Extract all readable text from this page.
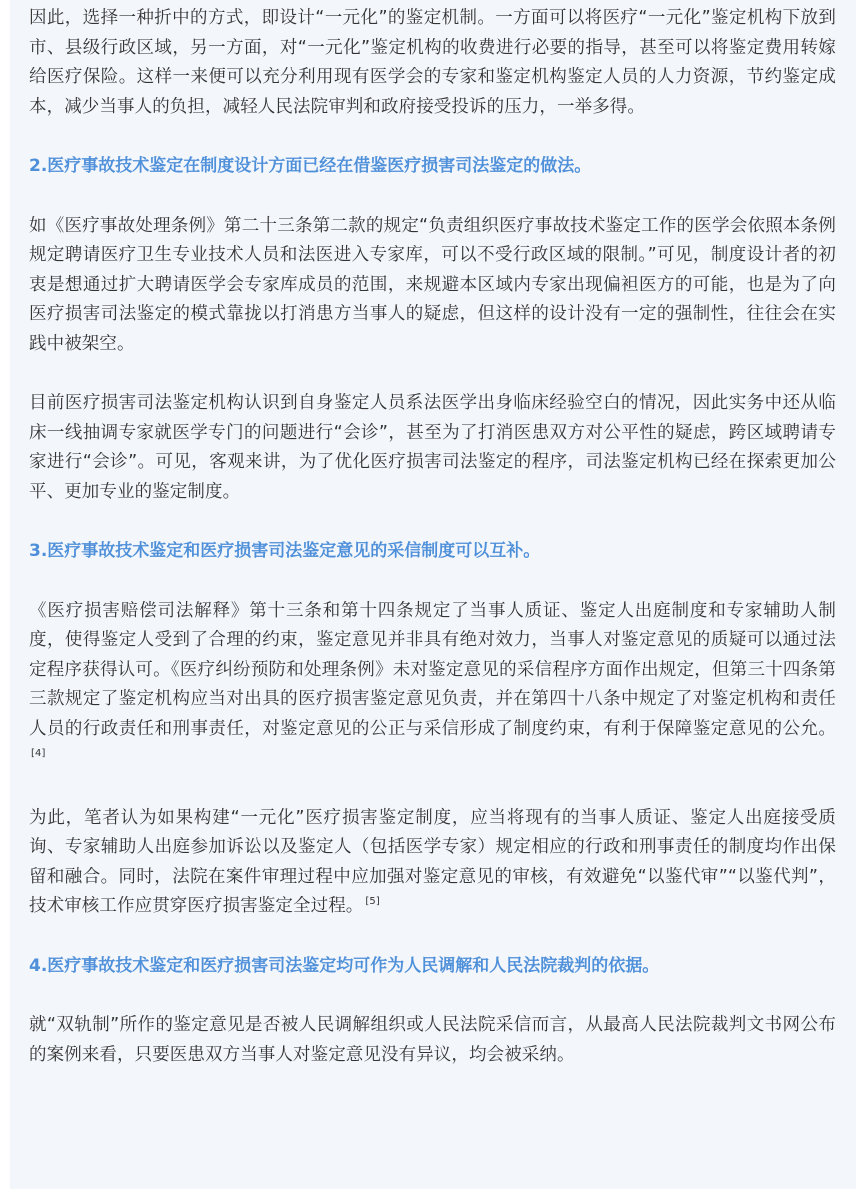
因此，选择一种折中的方式，即设计“一元化”的鉴定机制。一方面可以将医疗“一元化”鉴定机构下放到市、县级行政区域，另一方面，对“一元化”鉴定机构的收费进行必要的指导，甚至可以将鉴定费用转嫁给医疗保险。这样一来便可以充分利用现有医学会的专家和鉴定机构鉴定人员的人力资源，节约鉴定成本，减少当事人的负担，减轻人民法院审判和政府接受投诉的压力，一举多得。

2.医疗事故技术鉴定在制度设计方面已经在借鉴医疗损害司法鉴定的做法。

如《医疗事故处理条例》第二十三条第二款的规定“负责组织医疗事故技术鉴定工作的医学会依照本条例规定聘请医疗卫生专业技术人员和法医进入专家库，可以不受行政区域的限制。”可见，制度设计者的初衷是想通过扩大聘请医学会专家库成员的范围，来规避本区域内专家出现偏袒医方的可能，也是为了向医疗损害司法鉴定的模式靠拢以打消患方当事人的疑虑，但这样的设计没有一定的强制性，往往会在实践中被架空。

目前医疗损害司法鉴定机构认识到自身鉴定人员系法医学出身临床经验空白的情况，因此实务中还从临床一线抽调专家就医学专门的问题进行“会诊”，甚至为了打消医患双方对公平性的疑虑，跨区域聘请专家进行“会诊”。可见，客观来讲，为了优化医疗损害司法鉴定的程序，司法鉴定机构已经在探索更加公平、更加专业的鉴定制度。

3.医疗事故技术鉴定和医疗损害司法鉴定意见的采信制度可以互补。

《医疗损害赔偿司法解释》第十三条和第十四条规定了当事人质证、鉴定人出庭制度和专家辅助人制度，使得鉴定人受到了合理的约束，鉴定意见并非具有绝对效力，当事人对鉴定意见的质疑可以通过法定程序获得认可。《医疗纠纷预防和处理条例》未对鉴定意见的采信程序方面作出规定，但第三十四条第三款规定了鉴定机构应当对出具的医疗损害鉴定意见负责，并在第四十八条中规定了对鉴定机构和责任人员的行政责任和刑事责任，对鉴定意见的公正与采信形成了制度约束，有利于保障鉴定意见的公允。[4]

为此，笔者认为如果构建“一元化”医疗损害鉴定制度，应当将现有的当事人质证、鉴定人出庭接受质询、专家辅助人出庭参加诉讼以及鉴定人（包括医学专家）规定相应的行政和刑事责任的制度均作出保留和融合。同时，法院在案件审理过程中应加强对鉴定意见的审核，有效避免“以鉴代审”“以鉴代判”，技术审核工作应贯穿医疗损害鉴定全过程。 [5]

4.医疗事故技术鉴定和医疗损害司法鉴定均可作为人民调解和人民法院裁判的依据。

就“双轨制”所作的鉴定意见是否被人民调解组织或人民法院采信而言，从最高人民法院裁判文书网公布的案例来看，只要医患双方当事人对鉴定意见没有异议，均会被采纳。
